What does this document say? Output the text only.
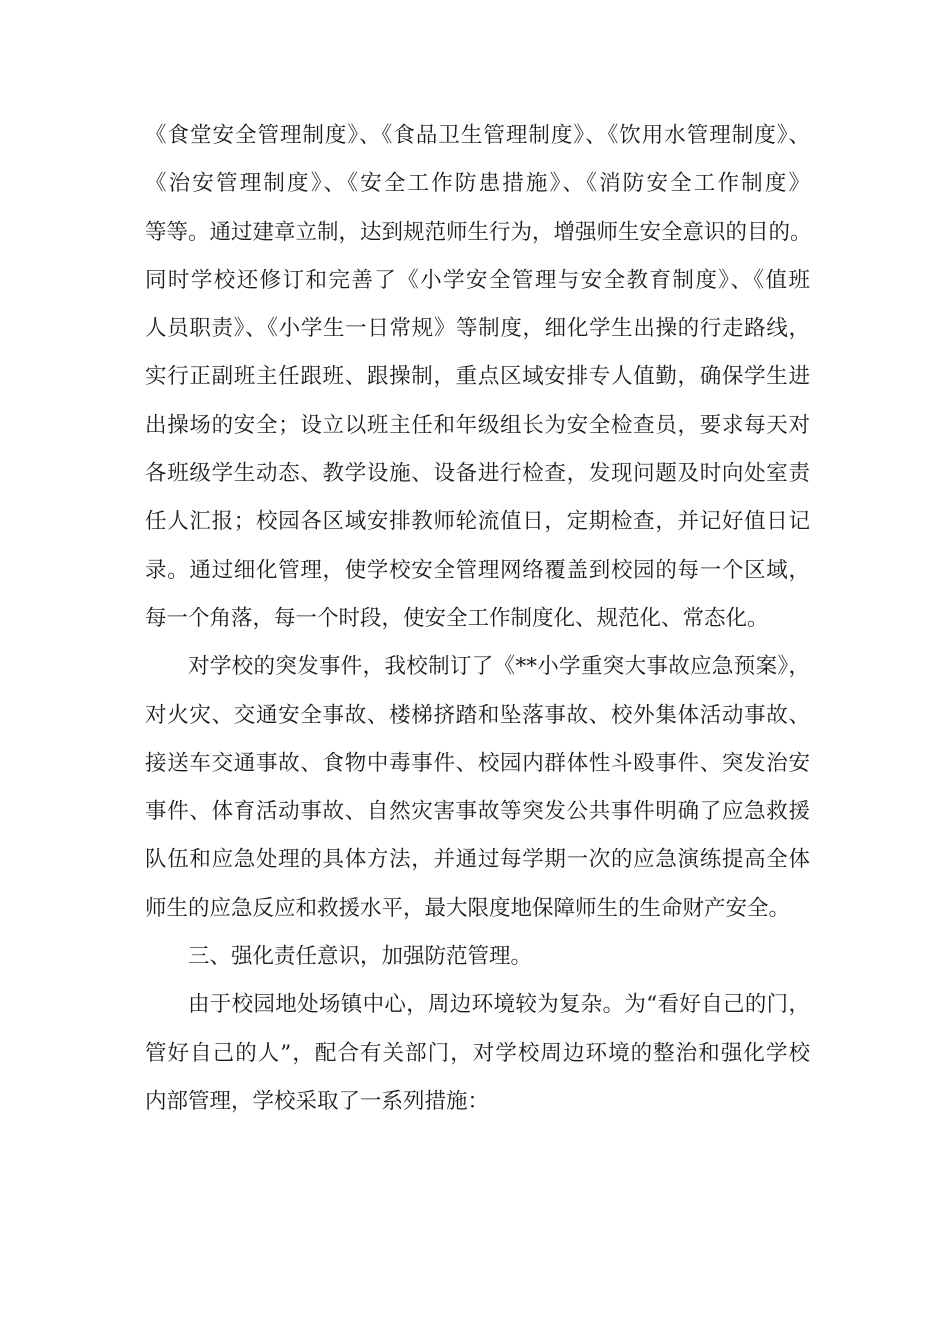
《食堂安全管理制度》、《食品卫生管理制度》、《饮用水管理制度》、
《治安管理制度》、《安全工作防患措施》、《消防安全工作制度》
等等。通过建章立制，达到规范师生行为，增强师生安全意识的目的。
同时学校还修订和完善了《小学安全管理与安全教育制度》、《值班
人员职责》、《小学生一日常规》等制度，细化学生出操的行走路线，
实行正副班主任跟班、跟操制，重点区域安排专人值勤，确保学生进
出操场的安全；设立以班主任和年级组长为安全检查员，要求每天对
各班级学生动态、教学设施、设备进行检查，发现问题及时向处室责
任人汇报；校园各区域安排教师轮流值日，定期检查，并记好值日记
录。通过细化管理，使学校安全管理网络覆盖到校园的每一个区域，
每一个角落，每一个时段，使安全工作制度化、规范化、常态化。
对学校的突发事件，我校制订了《**小学重突大事故应急预案》，
对火灾、交通安全事故、楼梯挤踏和坠落事故、校外集体活动事故、
接送车交通事故、食物中毒事件、校园内群体性斗殴事件、突发治安
事件、体育活动事故、自然灾害事故等突发公共事件明确了应急救援
队伍和应急处理的具体方法，并通过每学期一次的应急演练提高全体
师生的应急反应和救援水平，最大限度地保障师生的生命财产安全。
三、强化责任意识，加强防范管理。
由于校园地处场镇中心，周边环境较为复杂。为“看好自己的门，
管好自己的人”，配合有关部门，对学校周边环境的整治和强化学校
内部管理，学校采取了一系列措施：
